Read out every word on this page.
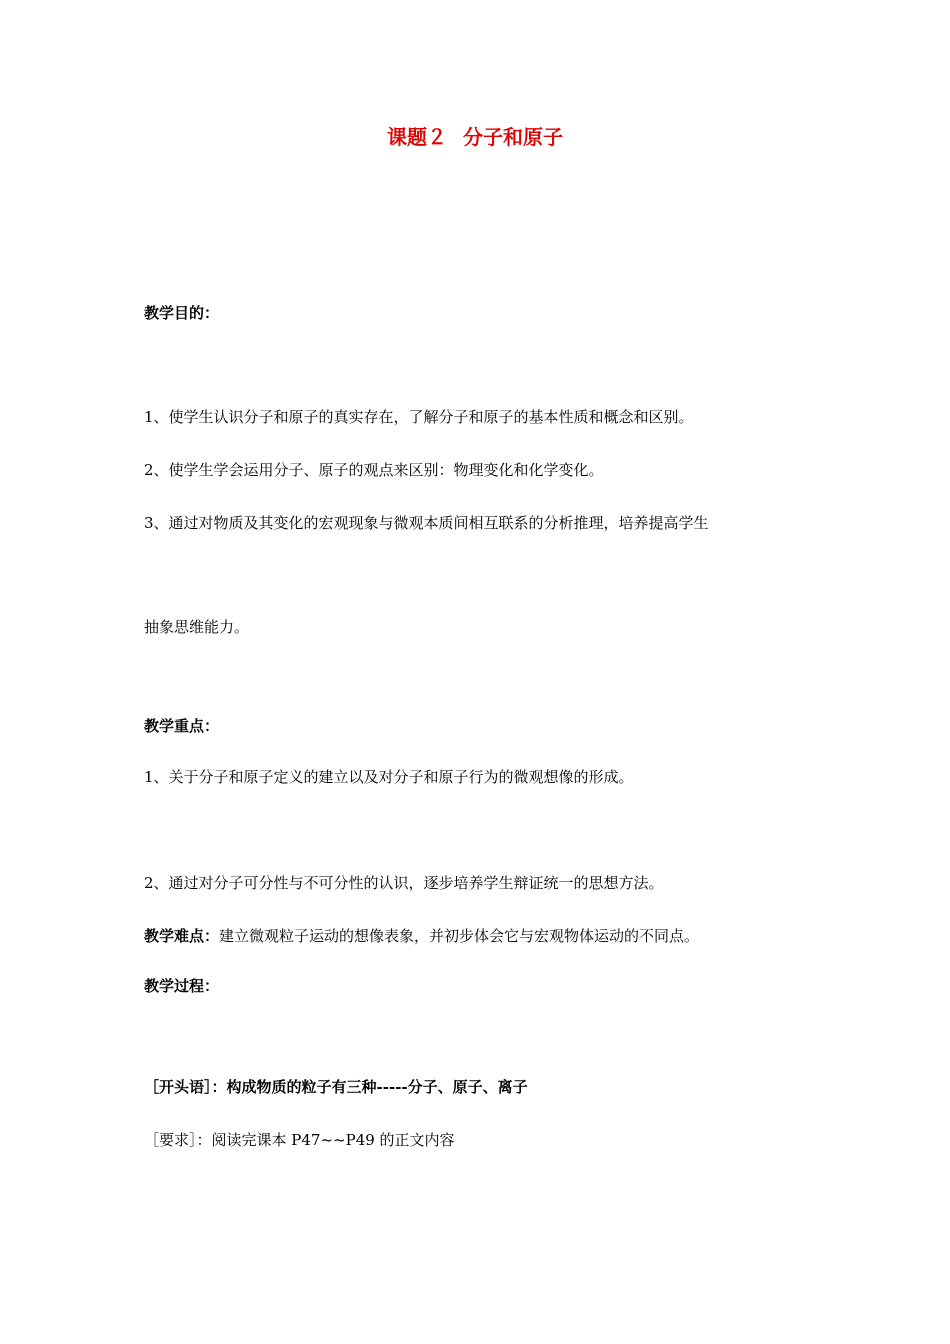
课题２ 分子和原子
教学目的：
1、使学生认识分子和原子的真实存在，了解分子和原子的基本性质和概念和区别。
2、使学生学会运用分子、原子的观点来区别：物理变化和化学变化。
3、通过对物质及其变化的宏观现象与微观本质间相互联系的分析推理，培养提高学生
抽象思维能力。
教学重点：
1、关于分子和原子定义的建立以及对分子和原子行为的微观想像的形成。
2、通过对分子可分性与不可分性的认识，逐步培养学生辩证统一的思想方法。
教学难点：建立微观粒子运动的想像表象，并初步体会它与宏观物体运动的不同点。
教学过程：
［开头语］：构成物质的粒子有三种-----分子、原子、离子
［要求］：阅读完课本 P47~~P49 的正文内容
